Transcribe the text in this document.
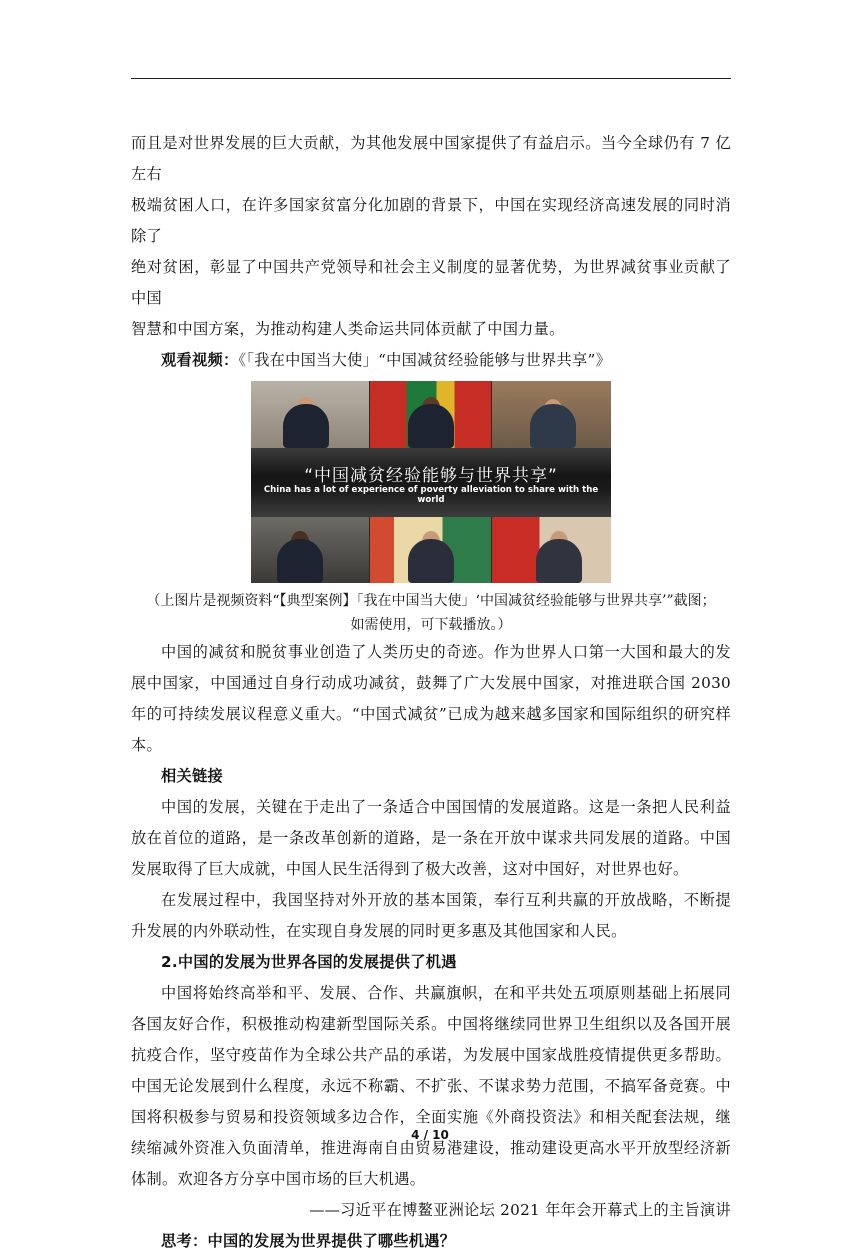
而且是对世界发展的巨大贡献，为其他发展中国家提供了有益启示。当今全球仍有 7 亿左右
极端贫困人口，在许多国家贫富分化加剧的背景下，中国在实现经济高速发展的同时消除了
绝对贫困，彰显了中国共产党领导和社会主义制度的显著优势，为世界减贫事业贡献了中国
智慧和中国方案，为推动构建人类命运共同体贡献了中国力量。

观看视频：《「我在中国当大使」“中国减贫经验能够与世界共享”》

“中国减贫经验能够与世界共享”
China has a lot of experience of poverty alleviation to share with the world
（上图片是视频资料“【典型案例】「我在中国当大使」‘中国减贫经验能够与世界共享’”截图；
如需使用，可下载播放。）

中国的减贫和脱贫事业创造了人类历史的奇迹。作为世界人口第一大国和最大的发展中国家，中国通过自身行动成功减贫，鼓舞了广大发展中国家，对推进联合国 2030 年的可持续发展议程意义重大。“中国式减贫”已成为越来越多国家和国际组织的研究样本。

相关链接

中国的发展，关键在于走出了一条适合中国国情的发展道路。这是一条把人民利益放在首位的道路，是一条改革创新的道路，是一条在开放中谋求共同发展的道路。中国发展取得了巨大成就，中国人民生活得到了极大改善，这对中国好，对世界也好。

在发展过程中，我国坚持对外开放的基本国策，奉行互利共赢的开放战略，不断提升发展的内外联动性，在实现自身发展的同时更多惠及其他国家和人民。

2.中国的发展为世界各国的发展提供了机遇

中国将始终高举和平、发展、合作、共赢旗帜，在和平共处五项原则基础上拓展同各国友好合作，积极推动构建新型国际关系。中国将继续同世界卫生组织以及各国开展抗疫合作，坚守疫苗作为全球公共产品的承诺，为发展中国家战胜疫情提供更多帮助。中国无论发展到什么程度，永远不称霸、不扩张、不谋求势力范围，不搞军备竞赛。中国将积极参与贸易和投资领域多边合作，全面实施《外商投资法》和相关配套法规，继续缩减外资准入负面清单，推进海南自由贸易港建设，推动建设更高水平开放型经济新体制。欢迎各方分享中国市场的巨大机遇。

——习近平在博鳌亚洲论坛 2021 年年会开幕式上的主旨演讲

思考：中国的发展为世界提供了哪些机遇？

4 / 10
